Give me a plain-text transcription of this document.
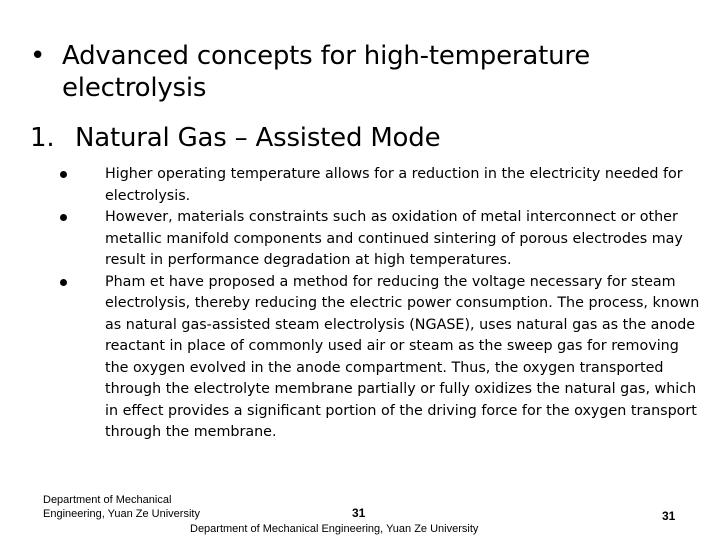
• Advanced concepts for high-temperature electrolysis
1. Natural Gas – Assisted Mode

Higher operating temperature allows for a reduction in the electricity needed for electrolysis.

However, materials constraints such as oxidation of metal interconnect or other metallic manifold components and continued sintering of porous electrodes may result in performance degradation at high temperatures.

Pham et have proposed a method for reducing the voltage necessary for steam electrolysis, thereby reducing the electric power consumption. The process, known as natural gas-assisted steam electrolysis (NGASE), uses natural gas as the anode reactant in place of commonly used air or steam as the sweep gas for removing the oxygen evolved in the anode compartment. Thus, the oxygen transported through the electrolyte membrane partially or fully oxidizes the natural gas, which in effect provides a significant portion of the driving force for the oxygen transport through the membrane.

Department of Mechanical Engineering, Yuan Ze University	31
Department of Mechanical Engineering, Yuan Ze University
31
